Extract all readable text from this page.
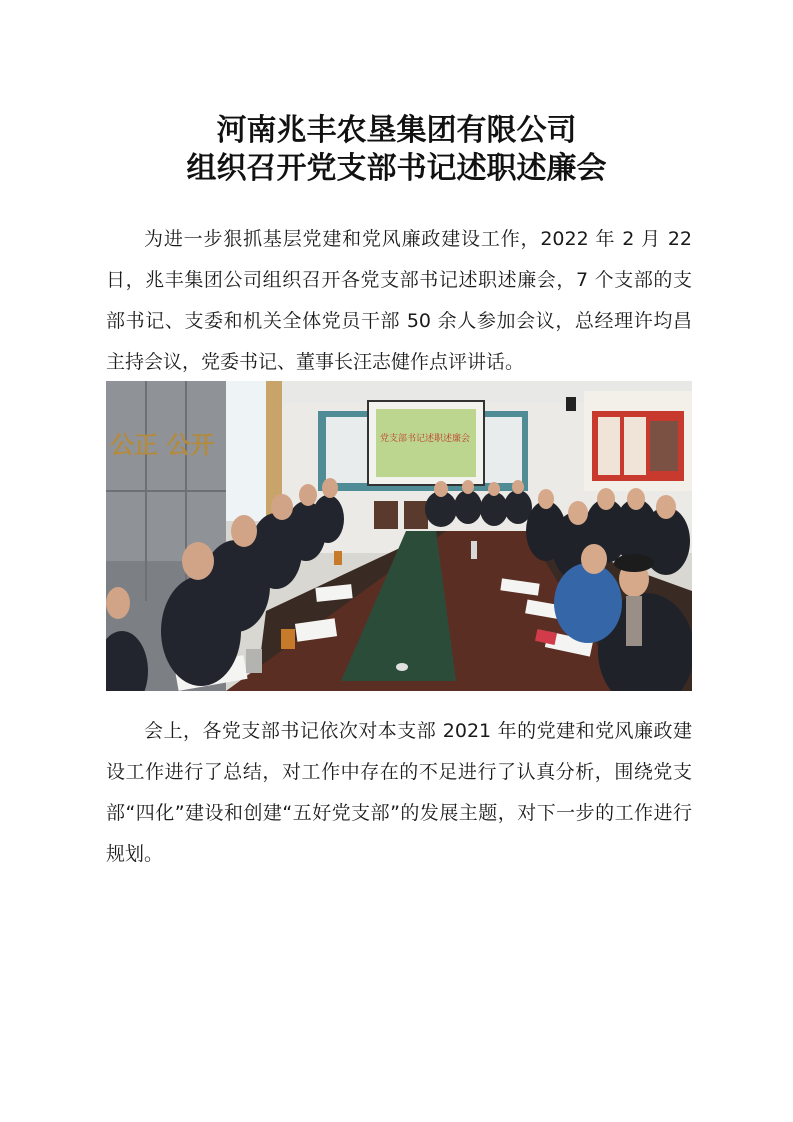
河南兆丰农垦集团有限公司
组织召开党支部书记述职述廉会

为进一步狠抓基层党建和党风廉政建设工作，2022 年 2 月 22 日，兆丰集团公司组织召开各党支部书记述职述廉会，7 个支部的支部书记、支委和机关全体党员干部 50 余人参加会议，总经理许均昌主持会议，党委书记、董事长汪志健作点评讲话。

公正 公开	党支部书记述职述廉会

会上，各党支部书记依次对本支部 2021 年的党建和党风廉政建设工作进行了总结，对工作中存在的不足进行了认真分析，围绕党支部“四化”建设和创建“五好党支部”的发展主题，对下一步的工作进行规划。
